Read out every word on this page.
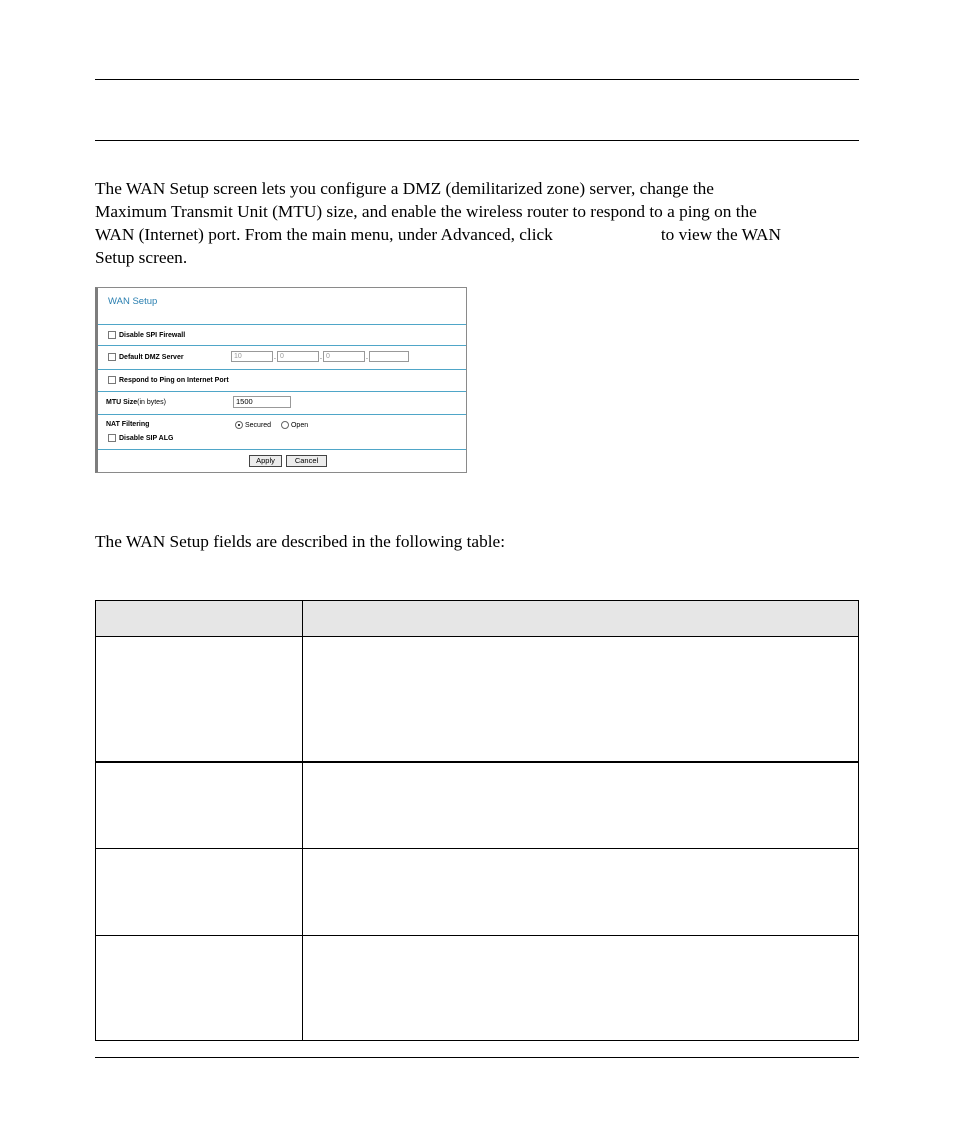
The WAN Setup screen lets you configure a DMZ (demilitarized zone) server, change the
Maximum Transmit Unit (MTU) size, and enable the wireless router to respond to a ping on the
WAN (Internet) port. From the main menu, under Advanced, click	to view the WAN
Setup screen.

WAN Setup
Disable SPI Firewall
Default DMZ Server	10	. 0	. 0	.
Respond to Ping on Internet Port
MTU Size(in bytes)	1500
NAT Filtering	Secured	Open
Disable SIP ALG
Apply	Cancel

The WAN Setup fields are described in the following table:
